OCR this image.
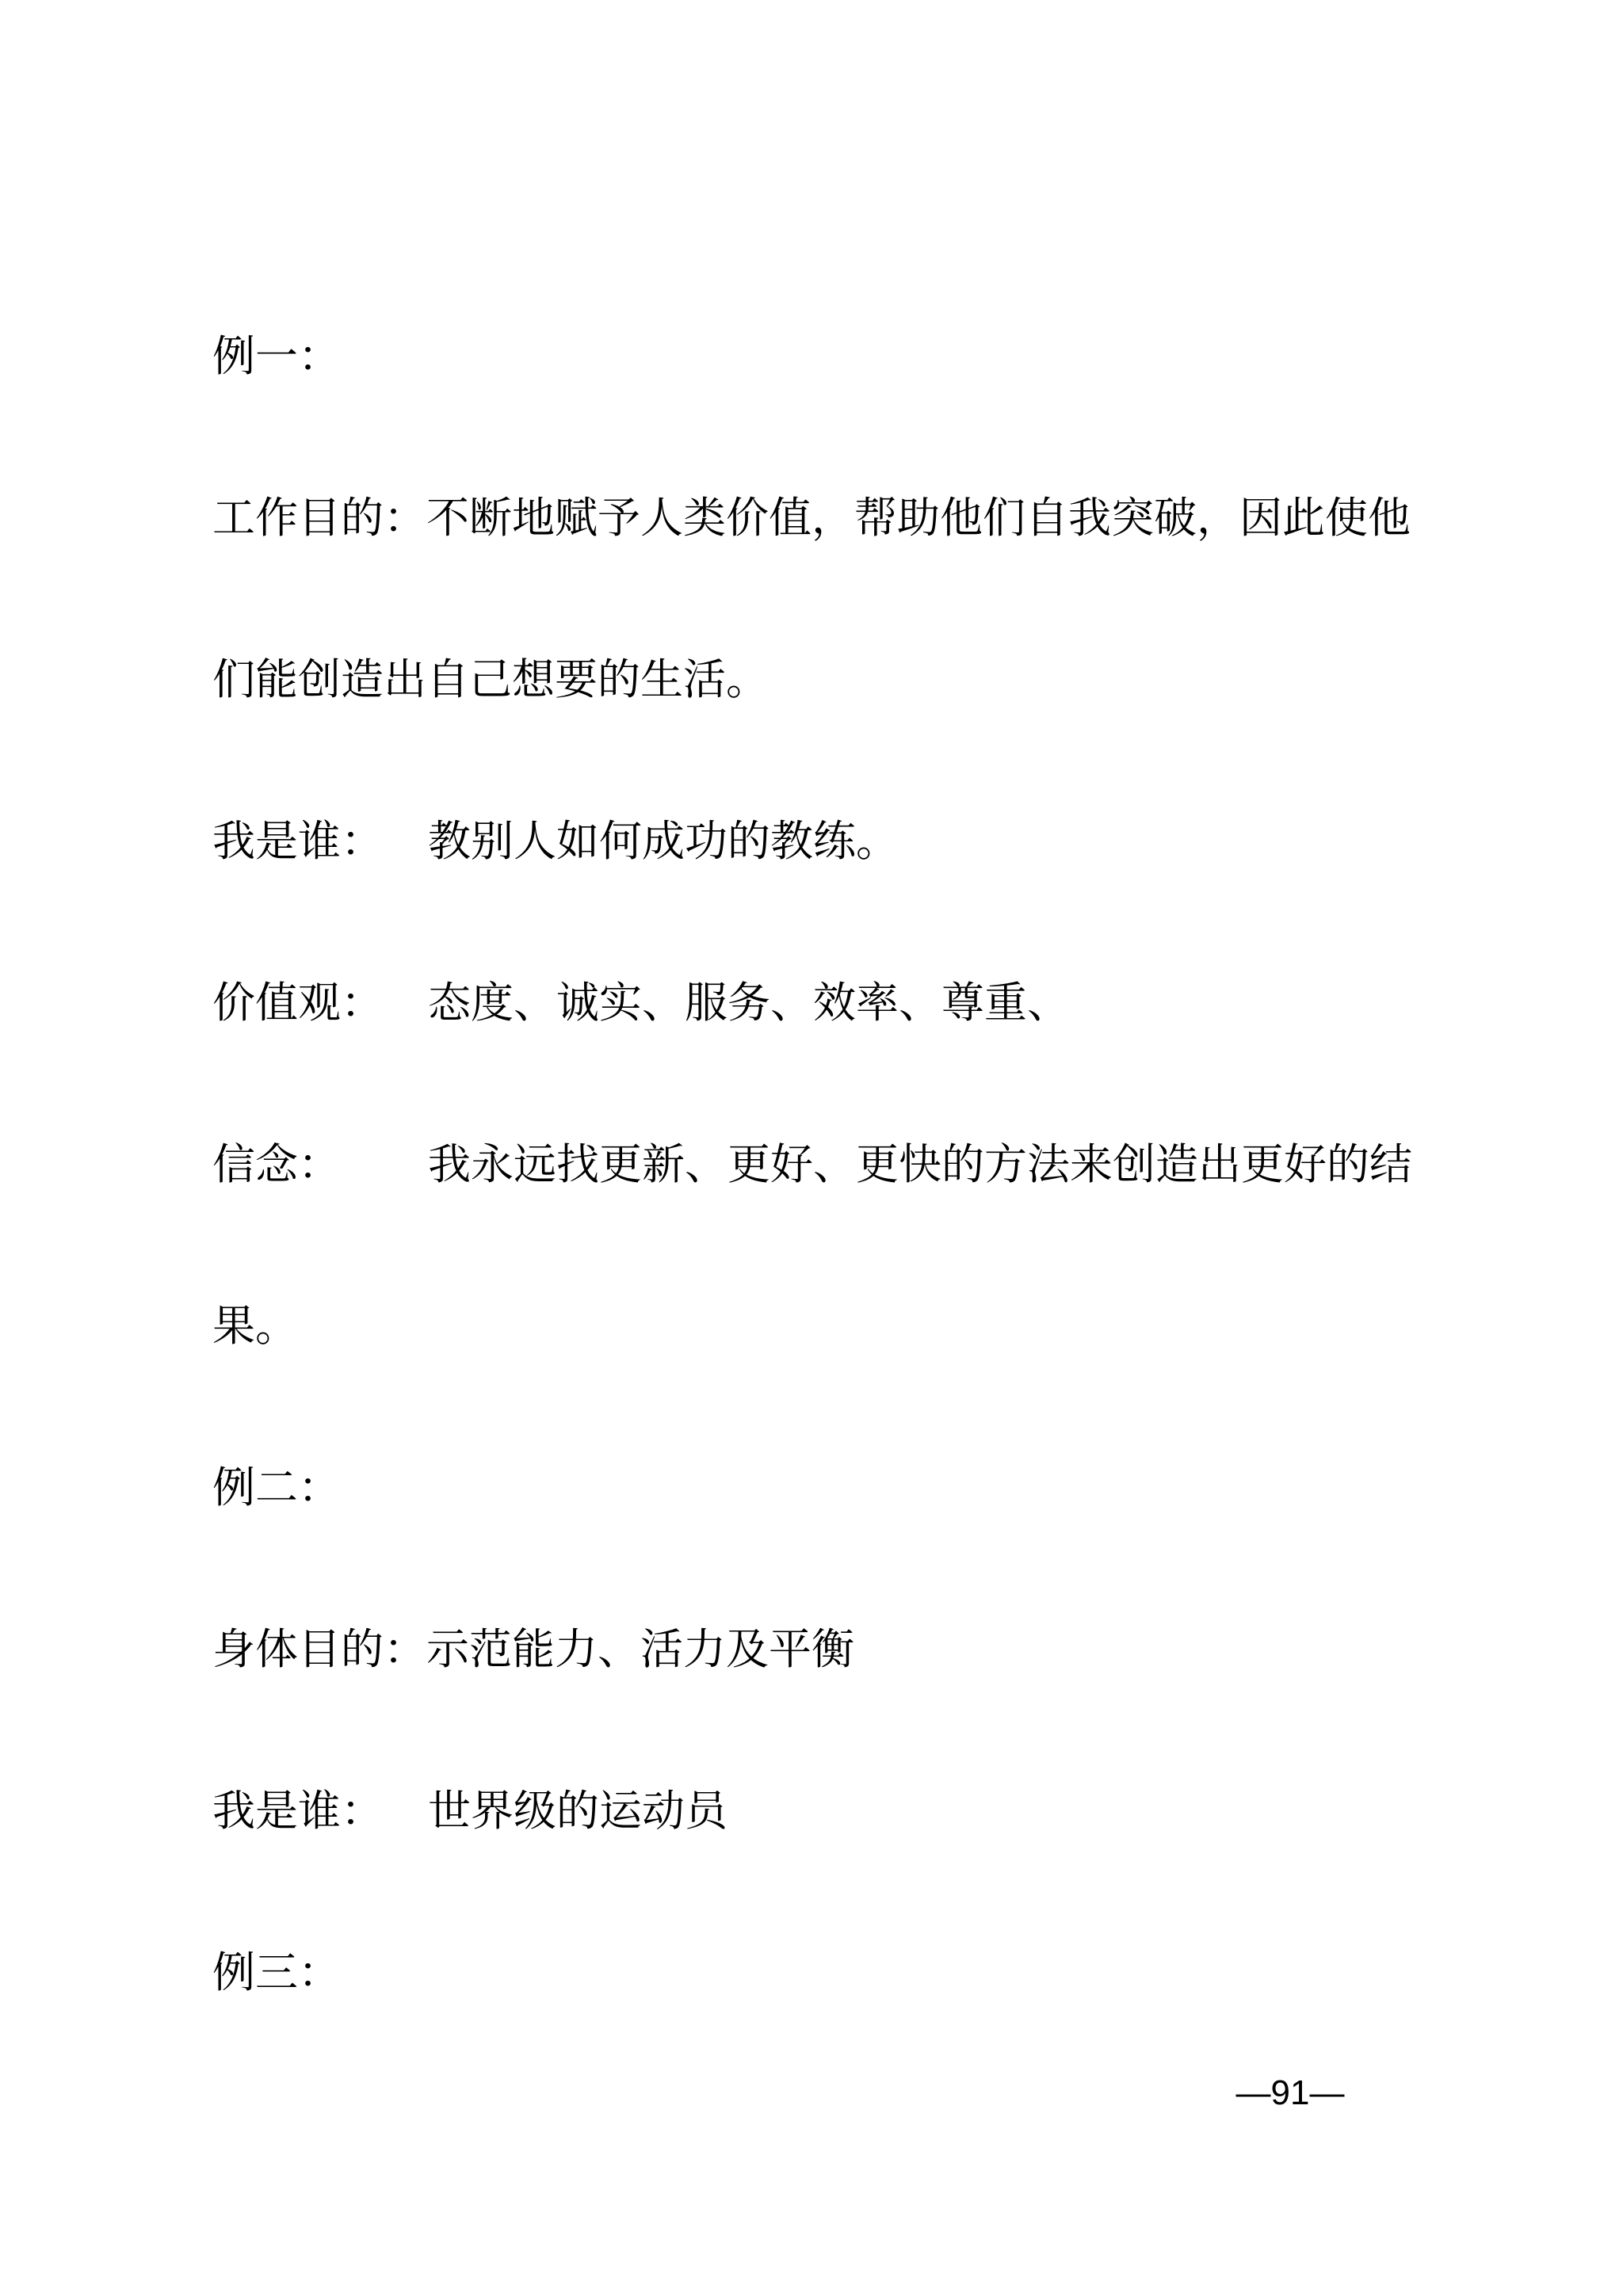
例一：
工作目的：不断地赋予人类价值，帮助他们自我突破，因此使他
们能创造出自己想要的生活。
我是谁： 教别人如何成功的教练。
价值观： 态度、诚实、服务、效率、尊重、
信念： 我永远找更新、更好、更快的方法来创造出更好的结
果。
例二：
身体目的：示范能力、活力及平衡
我是谁： 世界级的运动员
例三：
—91—
